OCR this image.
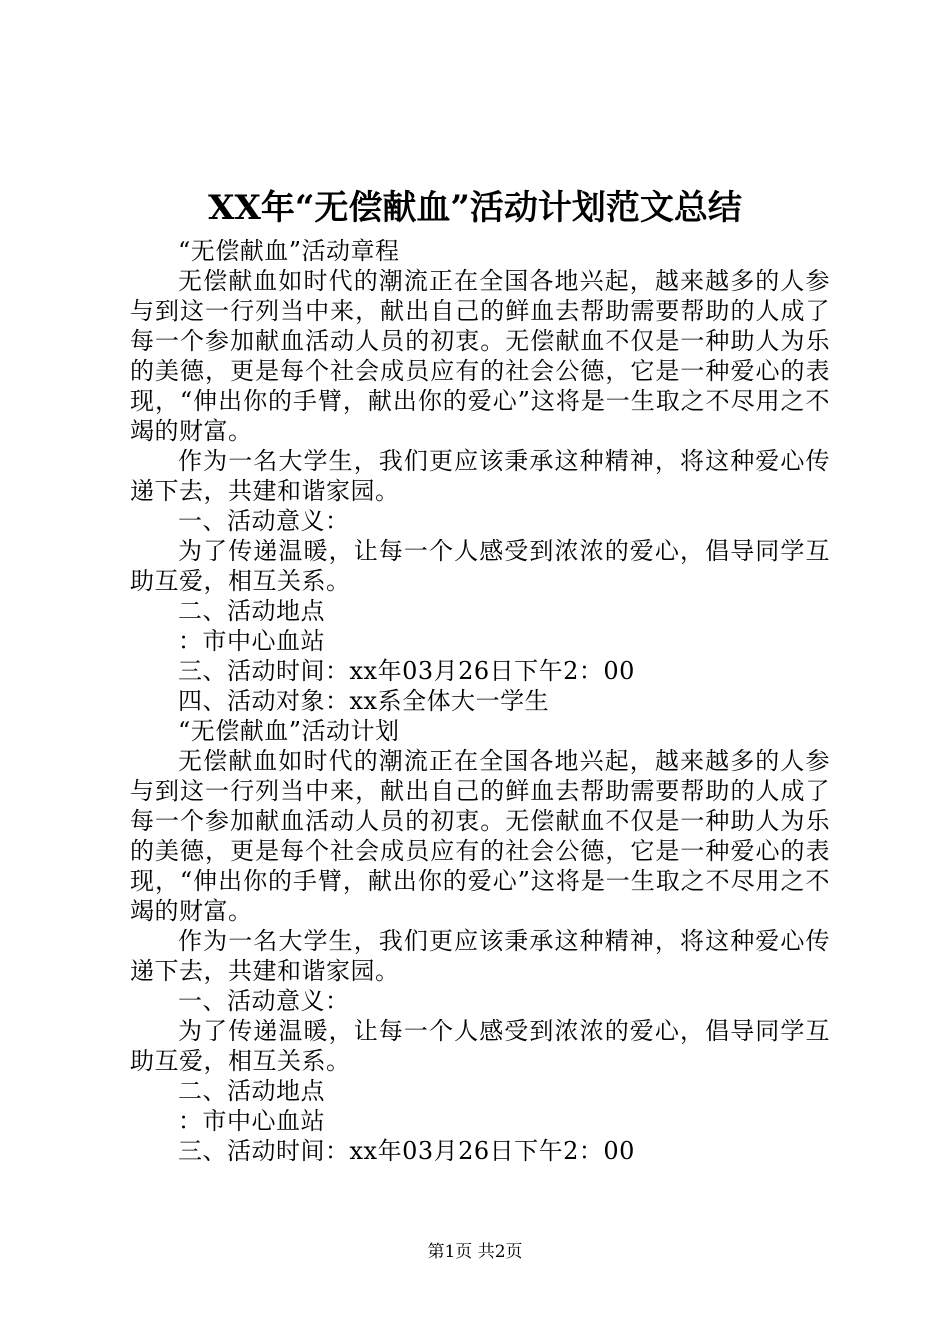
XX年“无偿献血”活动计划范文总结

“无偿献血”活动章程

无偿献血如时代的潮流正在全国各地兴起，越来越多的人参与到这一行列当中来，献出自己的鲜血去帮助需要帮助的人成了每一个参加献血活动人员的初衷。无偿献血不仅是一种助人为乐的美德，更是每个社会成员应有的社会公德，它是一种爱心的表现，“伸出你的手臂，献出你的爱心”这将是一生取之不尽用之不竭的财富。

作为一名大学生，我们更应该秉承这种精神，将这种爱心传递下去，共建和谐家园。

一、活动意义：

为了传递温暖，让每一个人感受到浓浓的爱心，倡导同学互助互爱，相互关系。

二、活动地点

：市中心血站

三、活动时间：xx年03月26日下午2：00

四、活动对象：xx系全体大一学生

“无偿献血”活动计划

无偿献血如时代的潮流正在全国各地兴起，越来越多的人参与到这一行列当中来，献出自己的鲜血去帮助需要帮助的人成了每一个参加献血活动人员的初衷。无偿献血不仅是一种助人为乐的美德，更是每个社会成员应有的社会公德，它是一种爱心的表现，“伸出你的手臂，献出你的爱心”这将是一生取之不尽用之不竭的财富。

作为一名大学生，我们更应该秉承这种精神，将这种爱心传递下去，共建和谐家园。

一、活动意义：

为了传递温暖，让每一个人感受到浓浓的爱心，倡导同学互助互爱，相互关系。

二、活动地点

：市中心血站

三、活动时间：xx年03月26日下午2：00

第1页 共2页
